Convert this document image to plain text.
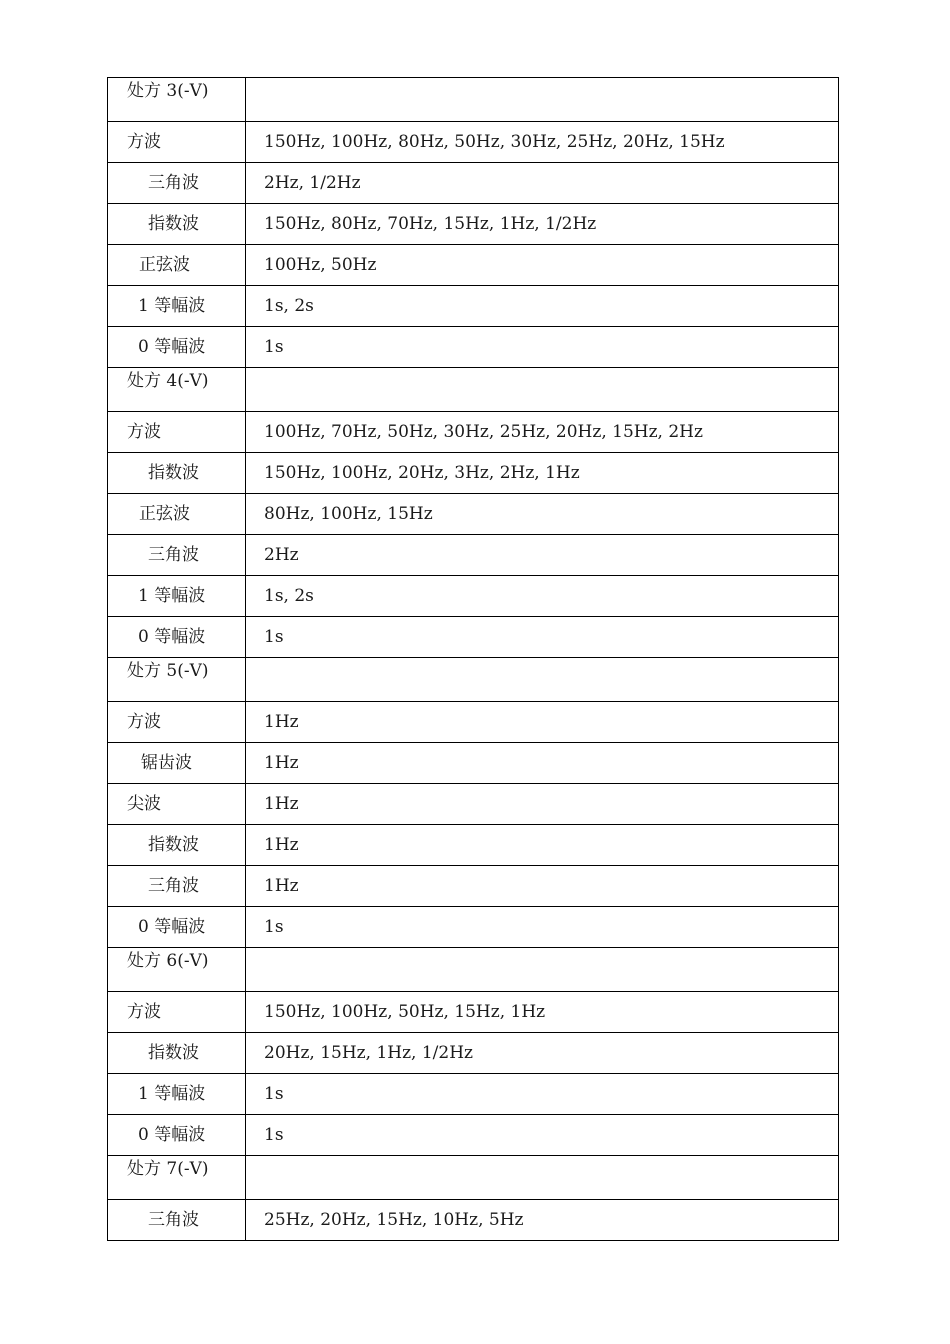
处方 3(-V)	
方波	150Hz, 100Hz, 80Hz, 50Hz, 30Hz, 25Hz, 20Hz, 15Hz
三角波	2Hz, 1/2Hz
指数波	150Hz, 80Hz, 70Hz, 15Hz, 1Hz, 1/2Hz
正弦波	100Hz, 50Hz
1 等幅波	1s, 2s
0 等幅波	1s
处方 4(-V)	
方波	100Hz, 70Hz, 50Hz, 30Hz, 25Hz, 20Hz, 15Hz, 2Hz
指数波	150Hz, 100Hz, 20Hz, 3Hz, 2Hz, 1Hz
正弦波	80Hz, 100Hz, 15Hz
三角波	2Hz
1 等幅波	1s, 2s
0 等幅波	1s
处方 5(-V)	
方波	1Hz
锯齿波	1Hz
尖波	1Hz
指数波	1Hz
三角波	1Hz
0 等幅波	1s
处方 6(-V)	
方波	150Hz, 100Hz, 50Hz, 15Hz, 1Hz
指数波	20Hz, 15Hz, 1Hz, 1/2Hz
1 等幅波	1s
0 等幅波	1s
处方 7(-V)	
三角波	25Hz, 20Hz, 15Hz, 10Hz, 5Hz
